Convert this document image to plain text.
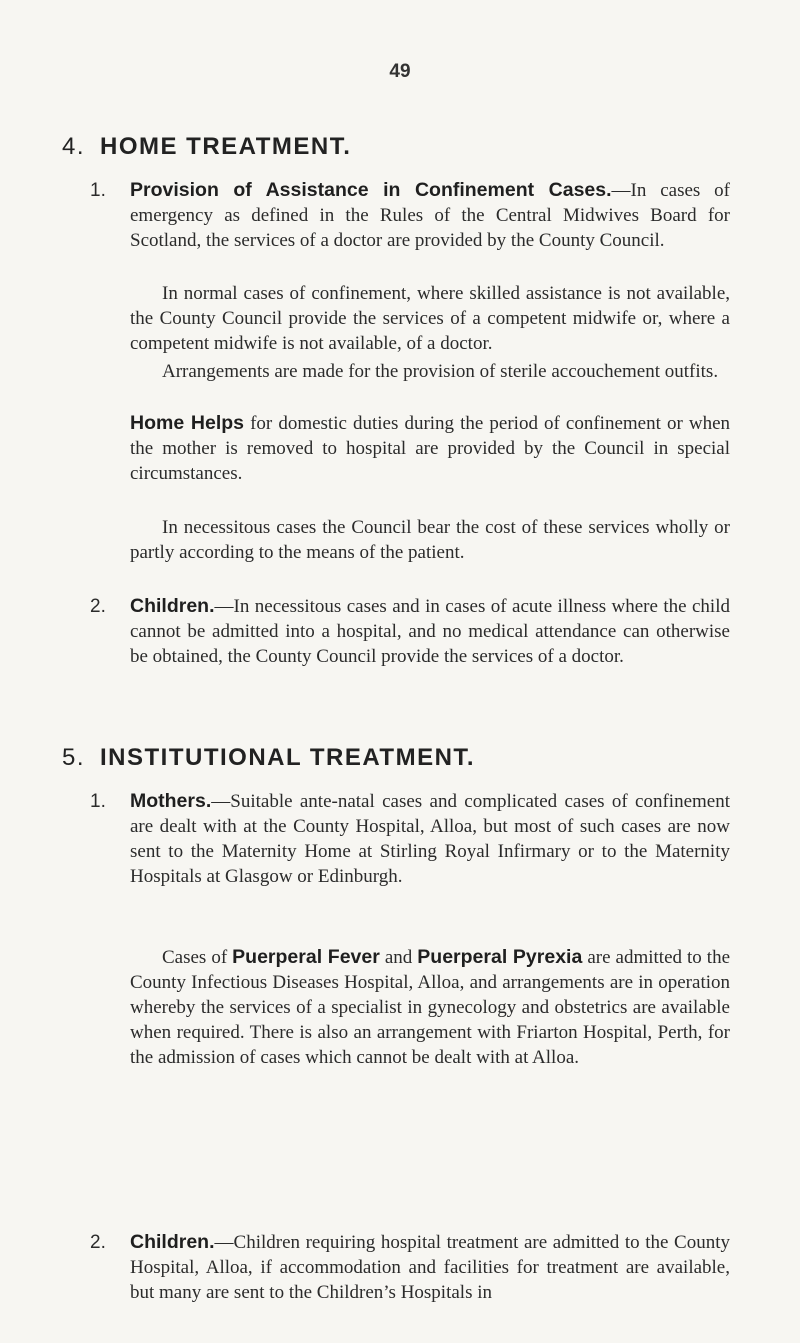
49
4. HOME TREATMENT.
1. Provision of Assistance in Confinement Cases.—In cases of emergency as defined in the Rules of the Central Midwives Board for Scotland, the services of a doctor are provided by the County Council.
In normal cases of confinement, where skilled assistance is not available, the County Council provide the services of a competent midwife or, where a competent midwife is not available, of a doctor.
Arrangements are made for the provision of sterile accouchement outfits.
Home Helps for domestic duties during the period of confinement or when the mother is removed to hospital are provided by the Council in special circumstances.
In necessitous cases the Council bear the cost of these services wholly or partly according to the means of the patient.
2. Children.—In necessitous cases and in cases of acute illness where the child cannot be admitted into a hospital, and no medical attendance can otherwise be obtained, the County Council provide the services of a doctor.
5. INSTITUTIONAL TREATMENT.
1. Mothers.—Suitable ante-natal cases and complicated cases of confinement are dealt with at the County Hospital, Alloa, but most of such cases are now sent to the Maternity Home at Stirling Royal Infirmary or to the Maternity Hospitals at Glasgow or Edinburgh.
Cases of Puerperal Fever and Puerperal Pyrexia are admitted to the County Infectious Diseases Hospital, Alloa, and arrangements are in operation whereby the services of a specialist in gynecology and obstetrics are available when required. There is also an arrangement with Friarton Hospital, Perth, for the admission of cases which cannot be dealt with at Alloa.
2. Children.—Children requiring hospital treatment are admitted to the County Hospital, Alloa, if accommodation and facilities for treatment are available, but many are sent to the Children’s Hospitals in
